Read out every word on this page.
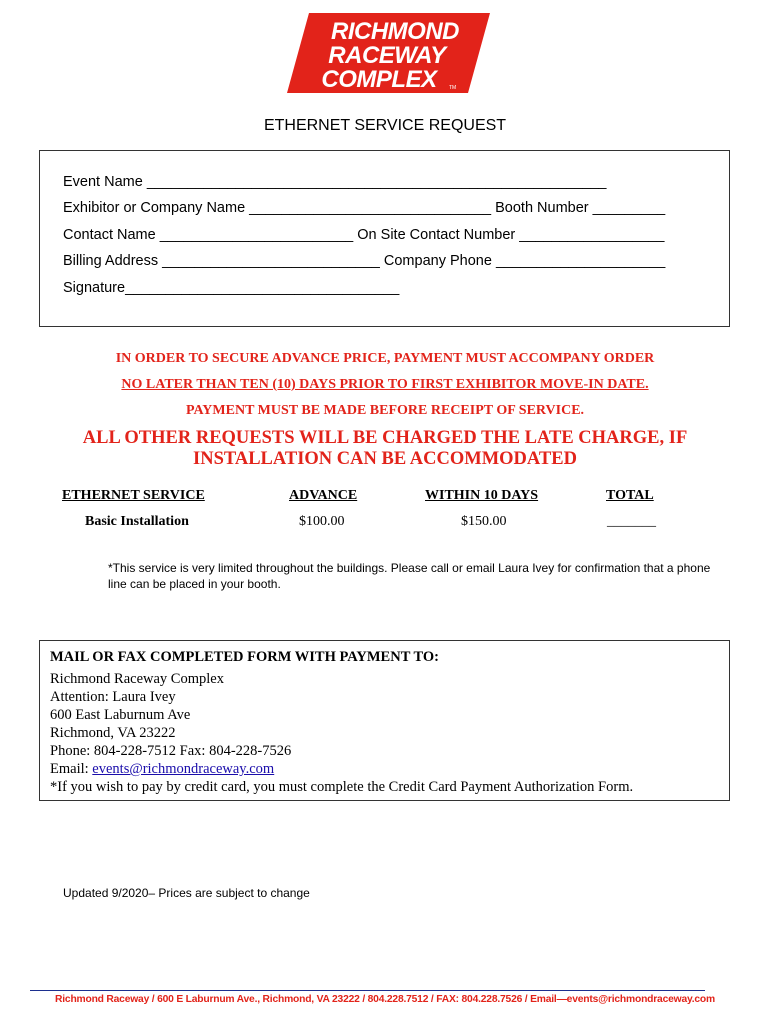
RICHMOND
RACEWAY
COMPLEX	TM
ETHERNET SERVICE REQUEST
Event Name _________________________________________________________
Exhibitor or Company Name ______________________________ Booth Number _________
Contact Name ________________________ On Site Contact Number __________________
Billing Address ___________________________ Company Phone _____________________
Signature__________________________________
IN ORDER TO SECURE ADVANCE PRICE, PAYMENT MUST ACCOMPANY ORDER
NO LATER THAN TEN (10) DAYS PRIOR TO FIRST EXHIBITOR MOVE-IN DATE.
PAYMENT MUST BE MADE BEFORE RECEIPT OF SERVICE.
ALL OTHER REQUESTS WILL BE CHARGED THE LATE CHARGE, IF
INSTALLATION CAN BE ACCOMMODATED
ETHERNET SERVICE	ADVANCE	WITHIN 10 DAYS	TOTAL
Basic Installation	$100.00	$150.00	_______
*This service is very limited throughout the buildings. Please call or email Laura Ivey for confirmation that a phone line can be placed in your booth.
MAIL OR FAX COMPLETED FORM WITH PAYMENT TO:
Richmond Raceway Complex
Attention: Laura Ivey
600 East Laburnum Ave
Richmond, VA 23222
Phone: 804-228-7512 Fax: 804-228-7526
Email: events@richmondraceway.com
*If you wish to pay by credit card, you must complete the Credit Card Payment Authorization Form.
Updated 9/2020– Prices are subject to change
Richmond Raceway / 600 E Laburnum Ave., Richmond, VA 23222 / 804.228.7512 / FAX: 804.228.7526 / Email—events@richmondraceway.com
